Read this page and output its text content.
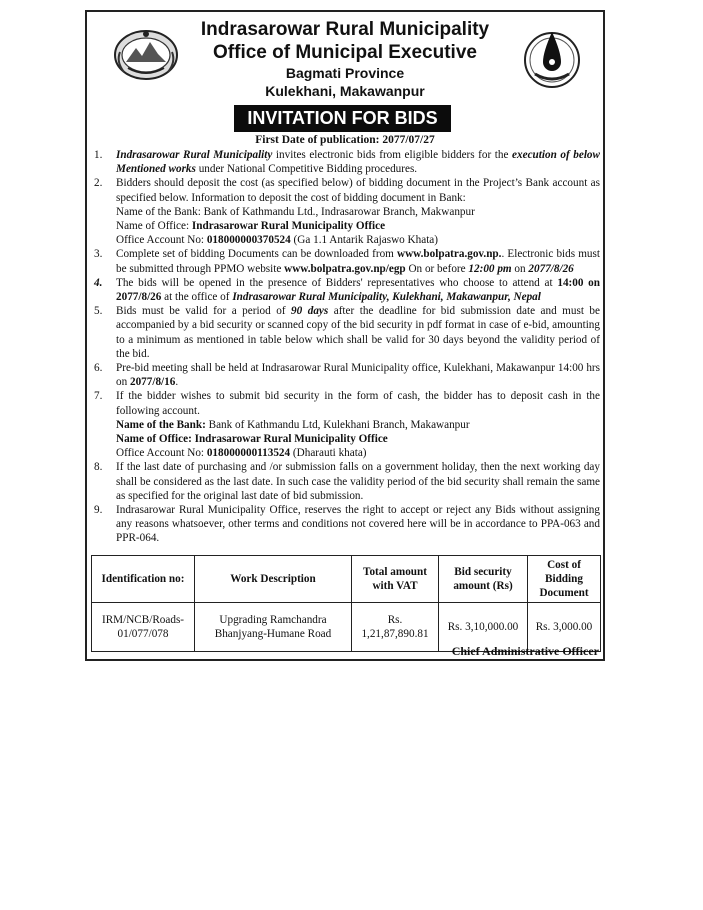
Indrasarowar Rural Municipality
Office of Municipal Executive
Bagmati Province
Kulekhani, Makawanpur
INVITATION FOR BIDS
First Date of publication: 2077/07/27
1. Indrasarowar Rural Municipality invites electronic bids from eligible bidders for the execution of below Mentioned works under National Competitive Bidding procedures.
2. Bidders should deposit the cost (as specified below) of bidding document in the Project’s Bank account as specified below. Information to deposit the cost of bidding document in Bank:
Name of the Bank: Bank of Kathmandu Ltd., Indrasarowar Branch, Makwanpur
Name of Office: Indrasarowar Rural Municipality Office
Office Account No: 018000000370524 (Ga 1.1 Antarik Rajaswo Khata)
3. Complete set of bidding Documents can be downloaded from www.bolpatra.gov.np.. Electronic bids must be submitted through PPMO website www.bolpatra.gov.np/egp On or before 12:00 pm on 2077/8/26
4. The bids will be opened in the presence of Bidders' representatives who choose to attend at 14:00 on 2077/8/26 at the office of Indrasarowar Rural Municipality, Kulekhani, Makawanpur, Nepal
5. Bids must be valid for a period of 90 days after the deadline for bid submission date and must be accompanied by a bid security or scanned copy of the bid security in pdf format in case of e-bid, amounting to a minimum as mentioned in table below which shall be valid for 30 days beyond the validity period of the bid.
6. Pre-bid meeting shall be held at Indrasarowar Rural Municipality office, Kulekhani, Makawanpur 14:00 hrs on 2077/8/16.
7. If the bidder wishes to submit bid security in the form of cash, the bidder has to deposit cash in the following account.
Name of the Bank: Bank of Kathmandu Ltd, Kulekhani Branch, Makawanpur
Name of Office: Indrasarowar Rural Municipality Office
Office Account No: 018000000113524 (Dharauti khata)
8. If the last date of purchasing and /or submission falls on a government holiday, then the next working day shall be considered as the last date. In such case the validity period of the bid security shall remain the same as specified for the original last date of bid submission.
9. Indrasarowar Rural Municipality Office, reserves the right to accept or reject any Bids without assigning any reasons whatsoever, other terms and conditions not covered here will be in accordance to PPA-063 and PPR-064.
Identification no:	Work Description	Total amount with VAT	Bid security amount (Rs)	Cost of Bidding Document
IRM/NCB/Roads-01/077/078	Upgrading Ramchandra Bhanjyang-Humane Road	Rs. 1,21,87,890.81	Rs. 3,10,000.00	Rs. 3,000.00
Chief Administrative Officer
